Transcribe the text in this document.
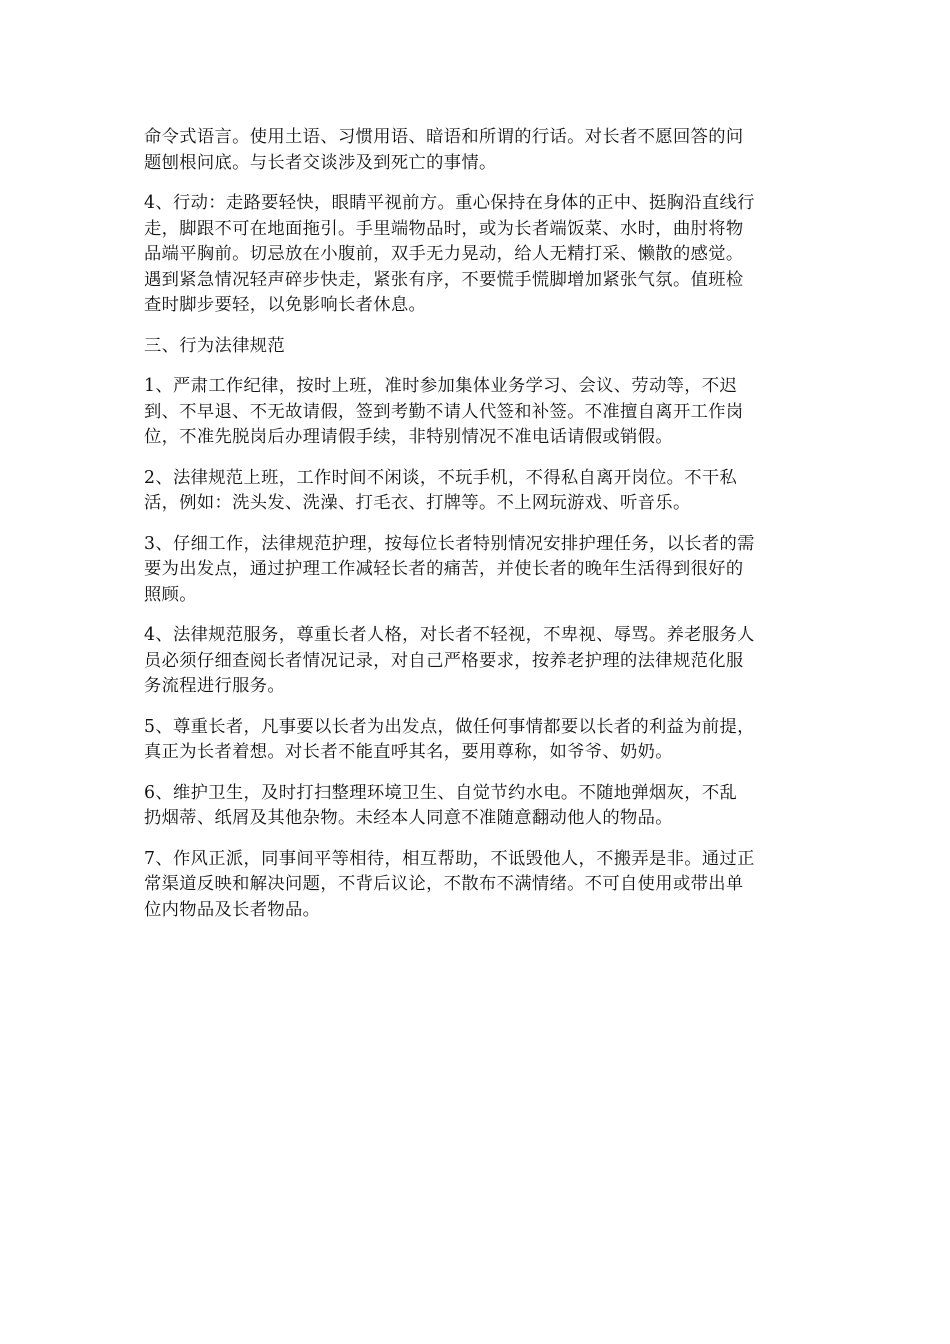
命令式语言。使用土语、习惯用语、暗语和所谓的行话。对长者不愿回答的问
题刨根问底。与长者交谈涉及到死亡的事情。

4、行动：走路要轻快，眼睛平视前方。重心保持在身体的正中、挺胸沿直线行
走，脚跟不可在地面拖引。手里端物品时，或为长者端饭菜、水时，曲肘将物
品端平胸前。切忌放在小腹前，双手无力晃动，给人无精打采、懒散的感觉。
遇到紧急情况轻声碎步快走，紧张有序，不要慌手慌脚增加紧张气氛。值班检
查时脚步要轻，以免影响长者休息。

三、行为法律规范

1、严肃工作纪律，按时上班，准时参加集体业务学习、会议、劳动等，不迟
到、不早退、不无故请假，签到考勤不请人代签和补签。不准擅自离开工作岗
位，不准先脱岗后办理请假手续，非特别情况不准电话请假或销假。

2、法律规范上班，工作时间不闲谈，不玩手机，不得私自离开岗位。不干私
活，例如：洗头发、洗澡、打毛衣、打牌等。不上网玩游戏、听音乐。

3、仔细工作，法律规范护理，按每位长者特别情况安排护理任务，以长者的需
要为出发点，通过护理工作减轻长者的痛苦，并使长者的晚年生活得到很好的
照顾。

4、法律规范服务，尊重长者人格，对长者不轻视，不卑视、辱骂。养老服务人
员必须仔细查阅长者情况记录，对自己严格要求，按养老护理的法律规范化服
务流程进行服务。

5、尊重长者，凡事要以长者为出发点，做任何事情都要以长者的利益为前提，
真正为长者着想。对长者不能直呼其名，要用尊称，如爷爷、奶奶。

6、维护卫生，及时打扫整理环境卫生、自觉节约水电。不随地弹烟灰，不乱
扔烟蒂、纸屑及其他杂物。未经本人同意不准随意翻动他人的物品。

7、作风正派，同事间平等相待，相互帮助，不诋毁他人，不搬弄是非。通过正
常渠道反映和解决问题，不背后议论，不散布不满情绪。不可自使用或带出单
位内物品及长者物品。
